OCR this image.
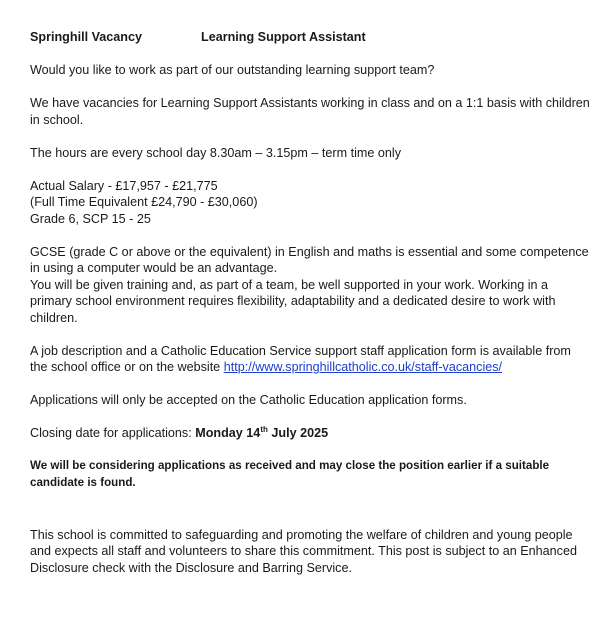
Springhill Vacancy	Learning Support Assistant

Would you like to work as part of our outstanding learning support team?

We have vacancies for Learning Support Assistants working in class and on a 1:1 basis with children in school.

The hours are every school day 8.30am – 3.15pm – term time only

Actual Salary - £17,957 - £21,775
(Full Time Equivalent £24,790 - £30,060)
Grade 6, SCP 15 - 25

GCSE (grade C or above or the equivalent) in English and maths is essential and some competence in using a computer would be an advantage.
You will be given training and, as part of a team, be well supported in your work. Working in a primary school environment requires flexibility, adaptability and a dedicated desire to work with children.

A job description and a Catholic Education Service support staff application form is available from the school office or on the website http://www.springhillcatholic.co.uk/staff-vacancies/

Applications will only be accepted on the Catholic Education application forms.

Closing date for applications: Monday 14th July 2025

We will be considering applications as received and may close the position earlier if a suitable candidate is found.

This school is committed to safeguarding and promoting the welfare of children and young people and expects all staff and volunteers to share this commitment. This post is subject to an Enhanced Disclosure check with the Disclosure and Barring Service.
